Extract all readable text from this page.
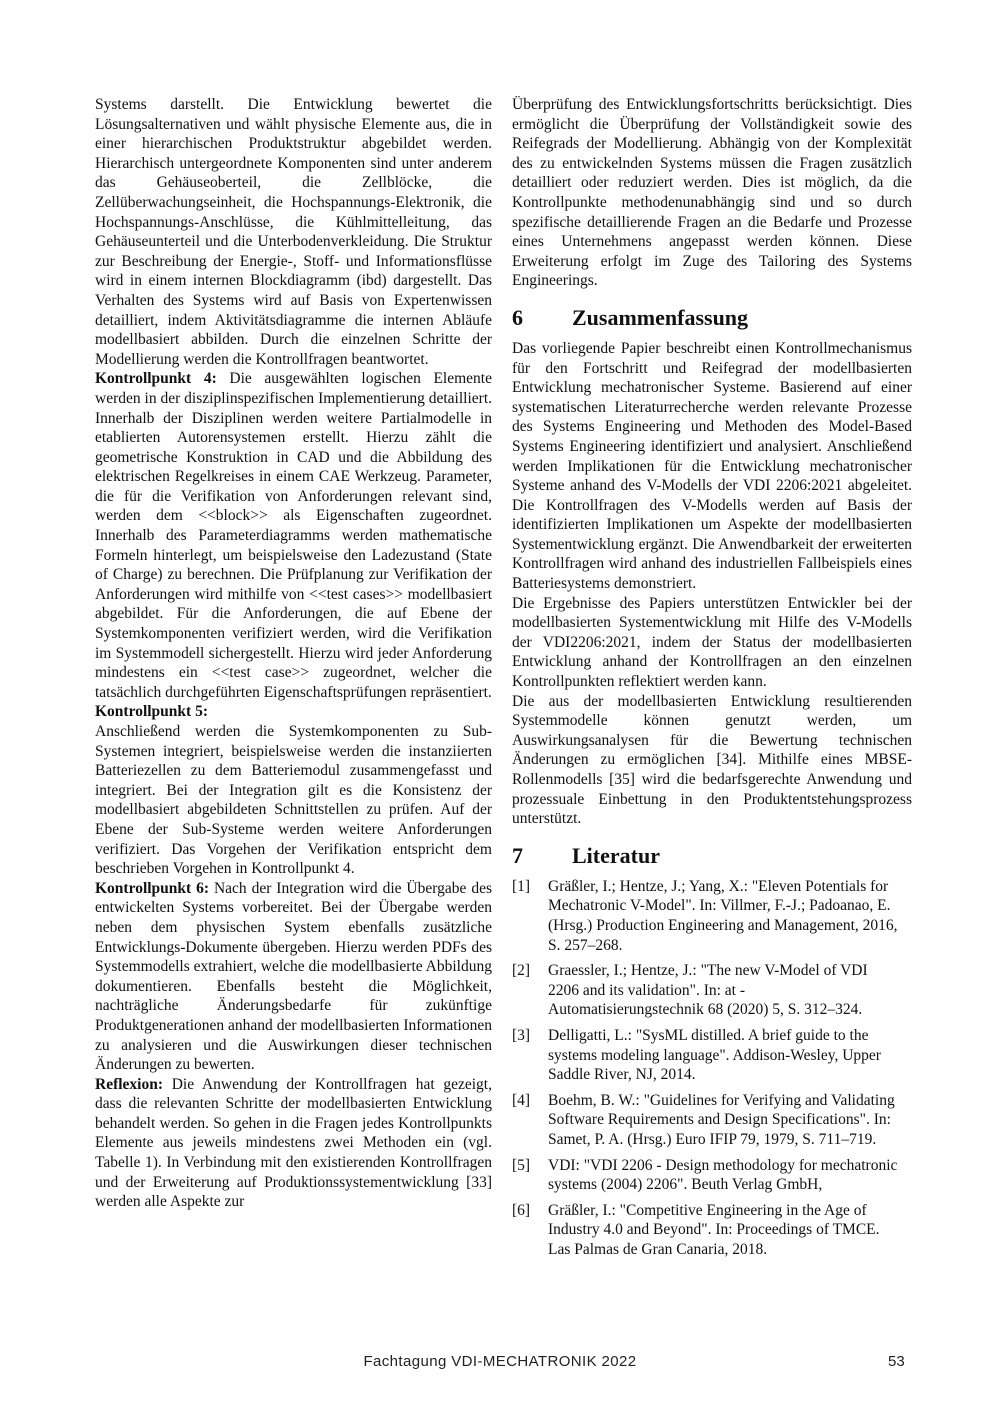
Systems darstellt. Die Entwicklung bewertet die Lösungsalternativen und wählt physische Elemente aus, die in einer hierarchischen Produktstruktur abgebildet werden. Hierarchisch untergeordnete Komponenten sind unter anderem das Gehäuseoberteil, die Zellblöcke, die Zellüberwachungseinheit, die Hochspannungs-Elektronik, die Hochspannungs-Anschlüsse, die Kühlmittelleitung, das Gehäuseunterteil und die Unterbodenverkleidung. Die Struktur zur Beschreibung der Energie-, Stoff- und Informationsflüsse wird in einem internen Blockdiagramm (ibd) dargestellt. Das Verhalten des Systems wird auf Basis von Expertenwissen detailliert, indem Aktivitätsdiagramme die internen Abläufe modellbasiert abbilden. Durch die einzelnen Schritte der Modellierung werden die Kontrollfragen beantwortet.

Kontrollpunkt 4: Die ausgewählten logischen Elemente werden in der disziplinspezifischen Implementierung detailliert. Innerhalb der Disziplinen werden weitere Partialmodelle in etablierten Autorensystemen erstellt. Hierzu zählt die geometrische Konstruktion in CAD und die Abbildung des elektrischen Regelkreises in einem CAE Werkzeug. Parameter, die für die Verifikation von Anforderungen relevant sind, werden dem <<block>> als Eigenschaften zugeordnet. Innerhalb des Parameterdiagramms werden mathematische Formeln hinterlegt, um beispielsweise den Ladezustand (State of Charge) zu berechnen. Die Prüfplanung zur Verifikation der Anforderungen wird mithilfe von <<test cases>> modellbasiert abgebildet. Für die Anforderungen, die auf Ebene der Systemkomponenten verifiziert werden, wird die Verifikation im Systemmodell sichergestellt. Hierzu wird jeder Anforderung mindestens ein <<test case>> zugeordnet, welcher die tatsächlich durchgeführten Eigenschaftsprüfungen repräsentiert.

Kontrollpunkt 5:

Anschließend werden die Systemkomponenten zu Sub-Systemen integriert, beispielsweise werden die instanziierten Batteriezellen zu dem Batteriemodul zusammengefasst und integriert. Bei der Integration gilt es die Konsistenz der modellbasiert abgebildeten Schnittstellen zu prüfen. Auf der Ebene der Sub-Systeme werden weitere Anforderungen verifiziert. Das Vorgehen der Verifikation entspricht dem beschrieben Vorgehen in Kontrollpunkt 4.

Kontrollpunkt 6: Nach der Integration wird die Übergabe des entwickelten Systems vorbereitet. Bei der Übergabe werden neben dem physischen System ebenfalls zusätzliche Entwicklungs-Dokumente übergeben. Hierzu werden PDFs des Systemmodells extrahiert, welche die modellbasierte Abbildung dokumentieren. Ebenfalls besteht die Möglichkeit, nachträgliche Änderungsbedarfe für zukünftige Produktgenerationen anhand der modellbasierten Informationen zu analysieren und die Auswirkungen dieser technischen Änderungen zu bewerten.

Reflexion: Die Anwendung der Kontrollfragen hat gezeigt, dass die relevanten Schritte der modellbasierten Entwicklung behandelt werden. So gehen in die Fragen jedes Kontrollpunkts Elemente aus jeweils mindestens zwei Methoden ein (vgl. Tabelle 1). In Verbindung mit den existierenden Kontrollfragen und der Erweiterung auf Produktionssystementwicklung [33] werden alle Aspekte zur

Überprüfung des Entwicklungsfortschritts berücksichtigt. Dies ermöglicht die Überprüfung der Vollständigkeit sowie des Reifegrads der Modellierung. Abhängig von der Komplexität des zu entwickelnden Systems müssen die Fragen zusätzlich detailliert oder reduziert werden. Dies ist möglich, da die Kontrollpunkte methodenunabhängig sind und so durch spezifische detaillierende Fragen an die Bedarfe und Prozesse eines Unternehmens angepasst werden können. Diese Erweiterung erfolgt im Zuge des Tailoring des Systems Engineerings.

6	Zusammenfassung

Das vorliegende Papier beschreibt einen Kontrollmechanismus für den Fortschritt und Reifegrad der modellbasierten Entwicklung mechatronischer Systeme. Basierend auf einer systematischen Literaturrecherche werden relevante Prozesse des Systems Engineering und Methoden des Model-Based Systems Engineering identifiziert und analysiert. Anschließend werden Implikationen für die Entwicklung mechatronischer Systeme anhand des V-Modells der VDI 2206:2021 abgeleitet. Die Kontrollfragen des V-Modells werden auf Basis der identifizierten Implikationen um Aspekte der modellbasierten Systementwicklung ergänzt. Die Anwendbarkeit der erweiterten Kontrollfragen wird anhand des industriellen Fallbeispiels eines Batteriesystems demonstriert.

Die Ergebnisse des Papiers unterstützen Entwickler bei der modellbasierten Systementwicklung mit Hilfe des V-Modells der VDI2206:2021, indem der Status der modellbasierten Entwicklung anhand der Kontrollfragen an den einzelnen Kontrollpunkten reflektiert werden kann.

Die aus der modellbasierten Entwicklung resultierenden Systemmodelle können genutzt werden, um Auswirkungsanalysen für die Bewertung technischen Änderungen zu ermöglichen [34]. Mithilfe eines MBSE-Rollenmodells [35] wird die bedarfsgerechte Anwendung und prozessuale Einbettung in den Produktentstehungsprozess unterstützt.

7	Literatur
[1]	Gräßler, I.; Hentze, J.; Yang, X.: "Eleven Potentials for Mechatronic V-Model". In: Villmer, F.-J.; Padoanao, E. (Hrsg.) Production Engineering and Management, 2016, S. 257–268.
[2]	Graessler, I.; Hentze, J.: "The new V-Model of VDI 2206 and its validation". In: at - Automatisierungstechnik 68 (2020) 5, S. 312–324.
[3]	Delligatti, L.: "SysML distilled. A brief guide to the systems modeling language". Addison-Wesley, Upper Saddle River, NJ, 2014.
[4]	Boehm, B. W.: "Guidelines for Verifying and Validating Software Requirements and Design Specifications". In: Samet, P. A. (Hrsg.) Euro IFIP 79, 1979, S. 711–719.
[5]	VDI: "VDI 2206 - Design methodology for mechatronic systems (2004) 2206". Beuth Verlag GmbH,
[6]	Gräßler, I.: "Competitive Engineering in the Age of Industry 4.0 and Beyond". In: Proceedings of TMCE. Las Palmas de Gran Canaria, 2018.
Fachtagung VDI-MECHATRONIK 2022	53
